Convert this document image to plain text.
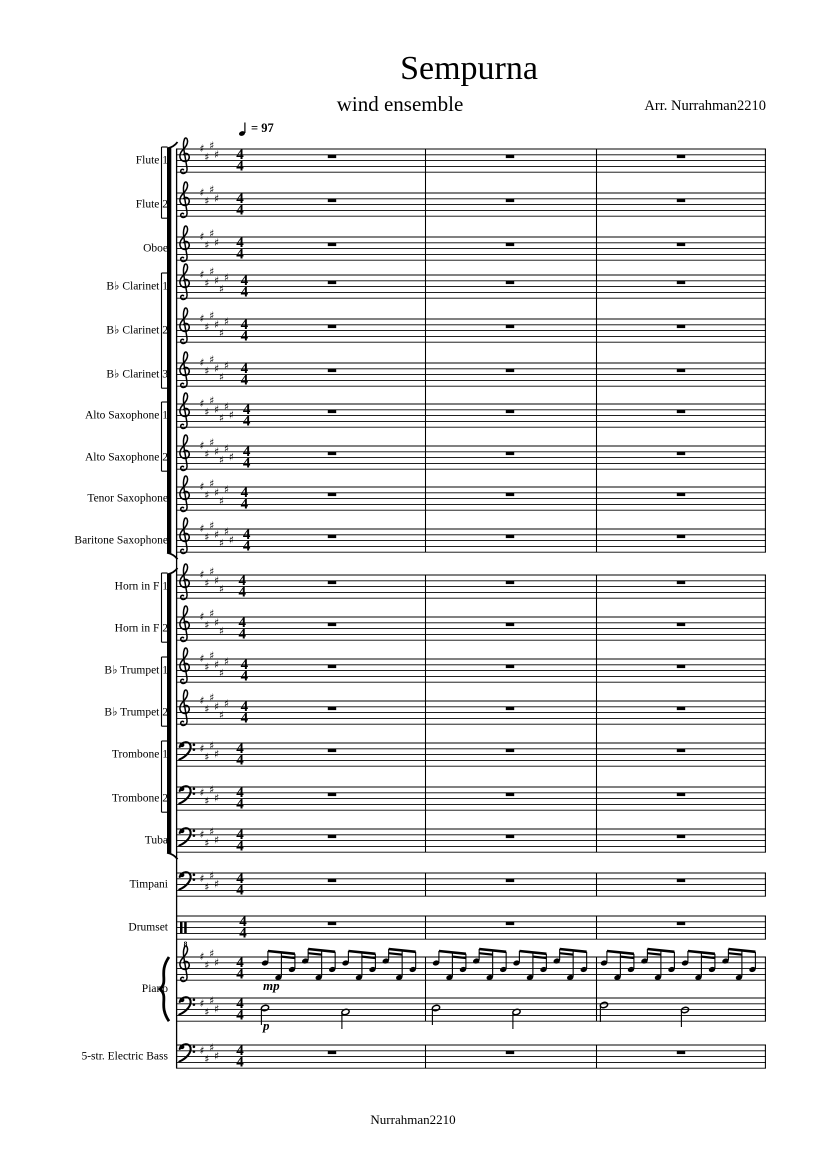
♯
♯
♯
♯ 4
4
Flute 1
♯
♯
♯
♯ 4
4
Flute 2
♯
♯
♯
♯ 4
4
Oboe
♯
♯
♯
♯
♯
♯ 4
4
B♭ Clarinet 1
♯
♯
♯
♯
♯
♯ 4
4
B♭ Clarinet 2
♯
♯
♯
♯
♯
♯ 4
4
B♭ Clarinet 3
♯
♯
♯
♯
♯
♯
♯ 4
4
Alto Saxophone 1
♯
♯
♯
♯
♯
♯
♯ 4
4
Alto Saxophone 2
♯
♯
♯
♯
♯
♯ 4
4
Tenor Saxophone
♯
♯
♯
♯
♯
♯
♯ 4
4
Baritone Saxophone
♯
♯
♯
♯
♯
4
4
Horn in F 1
♯
♯
♯
♯
♯
4
4
Horn in F 2
♯
♯
♯
♯
♯
♯ 4
4
B♭ Trumpet 1
♯
♯
♯
♯
♯
♯ 4
4
B♭ Trumpet 2
♯
♯
♯
♯ 4
4
Trombone 1
♯
♯
♯
♯ 4
4
Trombone 2
♯
♯
♯
♯ 4
4
Tuba
♯
♯
♯
♯ 4
4
Timpani
4
4
Drumset
8
♯
♯
♯
♯ 4
4
mp
Piano
♯
♯
♯
♯ 4
4
p
♯
♯
♯
♯ 4
4
5-str. Electric Bass
Sempurna
wind ensemble	Arr. Nurrahman2210
= 97
Nurrahman2210
